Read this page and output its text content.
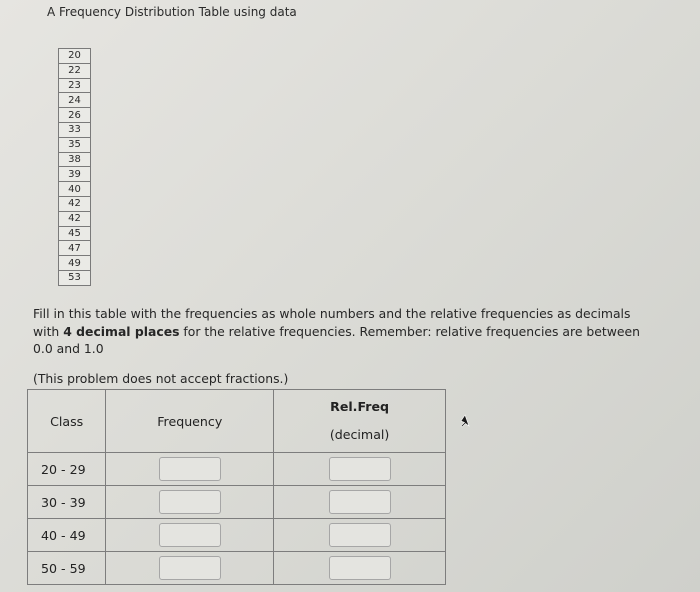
A Frequency Distribution Table using data
20
22
23
24
26
33
35
38
39
40
42
42
45
47
49
53
Fill in this table with the frequencies as whole numbers and the relative frequencies as decimals with 4 decimal places for the relative frequencies. Remember: relative frequencies are between 0.0 and 1.0
(This problem does not accept fractions.)
Class	Frequency	Rel.Freq
(decimal)

20 - 29	

30 - 39	

40 - 49	

50 - 59	
